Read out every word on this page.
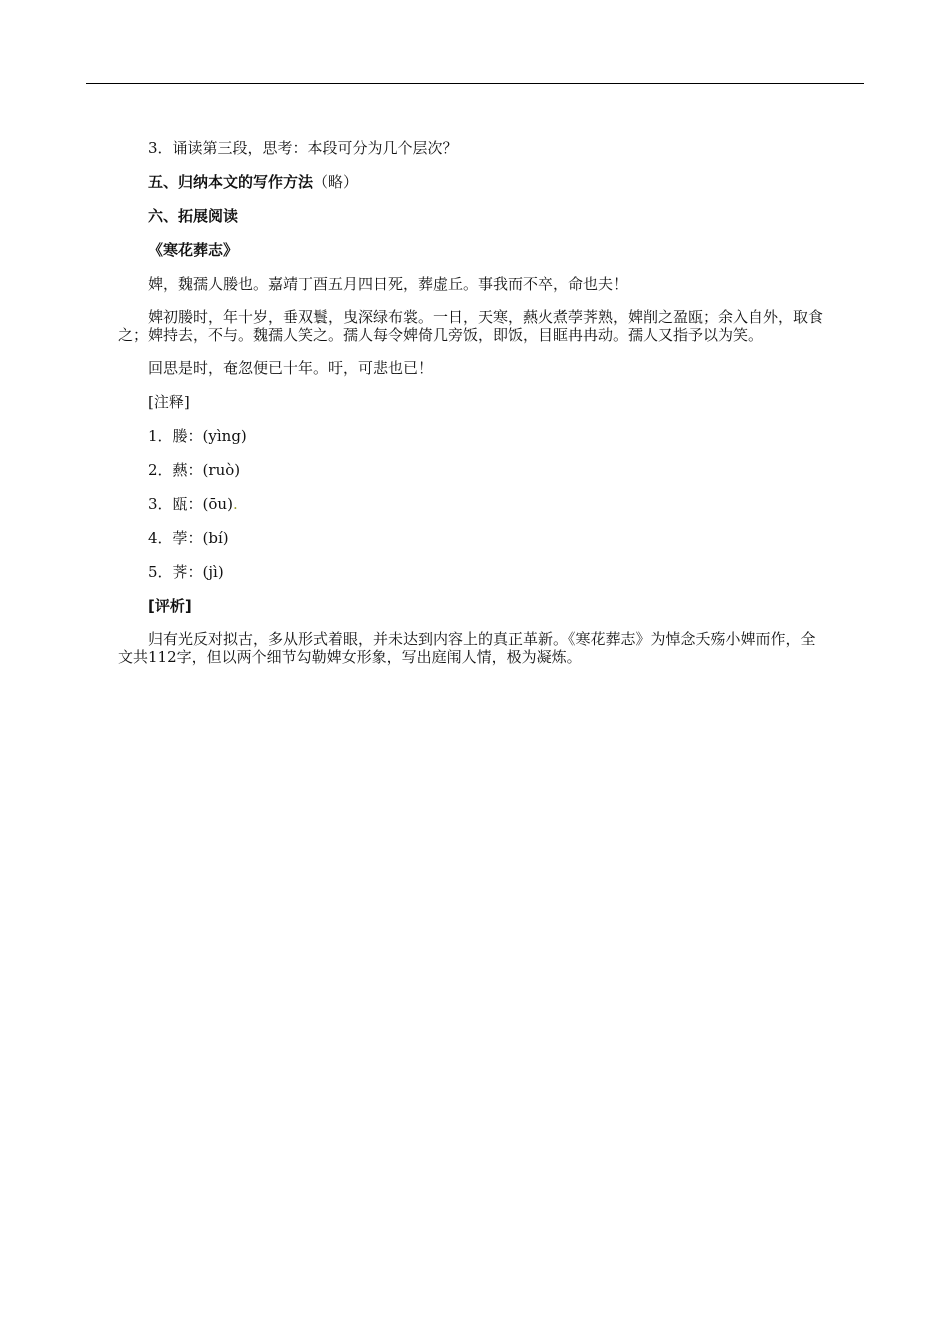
3．诵读第三段，思考：本段可分为几个层次？

五、归纳本文的写作方法（略）

六、拓展阅读

《寒花葬志》

婢，魏孺人媵也。嘉靖丁酉五月四日死，葬虚丘。事我而不卒，命也夫！

婢初媵时，年十岁，垂双鬟，曳深绿布裳。一日，天寒，爇火煮荸荠熟，婢削之盈瓯；余入自外，取食之；婢持去，不与。魏孺人笑之。孺人每令婢倚几旁饭，即饭，目眶冉冉动。孺人又指予以为笑。

回思是时，奄忽便已十年。吁，可悲也已！

[注释]

1．媵：(yìng)

2．爇：(ruò)

3．瓯：(ōu).

4．荸：(bí)

5．荠：(jì)

[评析]

归有光反对拟古，多从形式着眼，并未达到内容上的真正革新。《寒花葬志》为悼念夭殇小婢而作，全文共112字，但以两个细节勾勒婢女形象，写出庭闱人情，极为凝炼。
